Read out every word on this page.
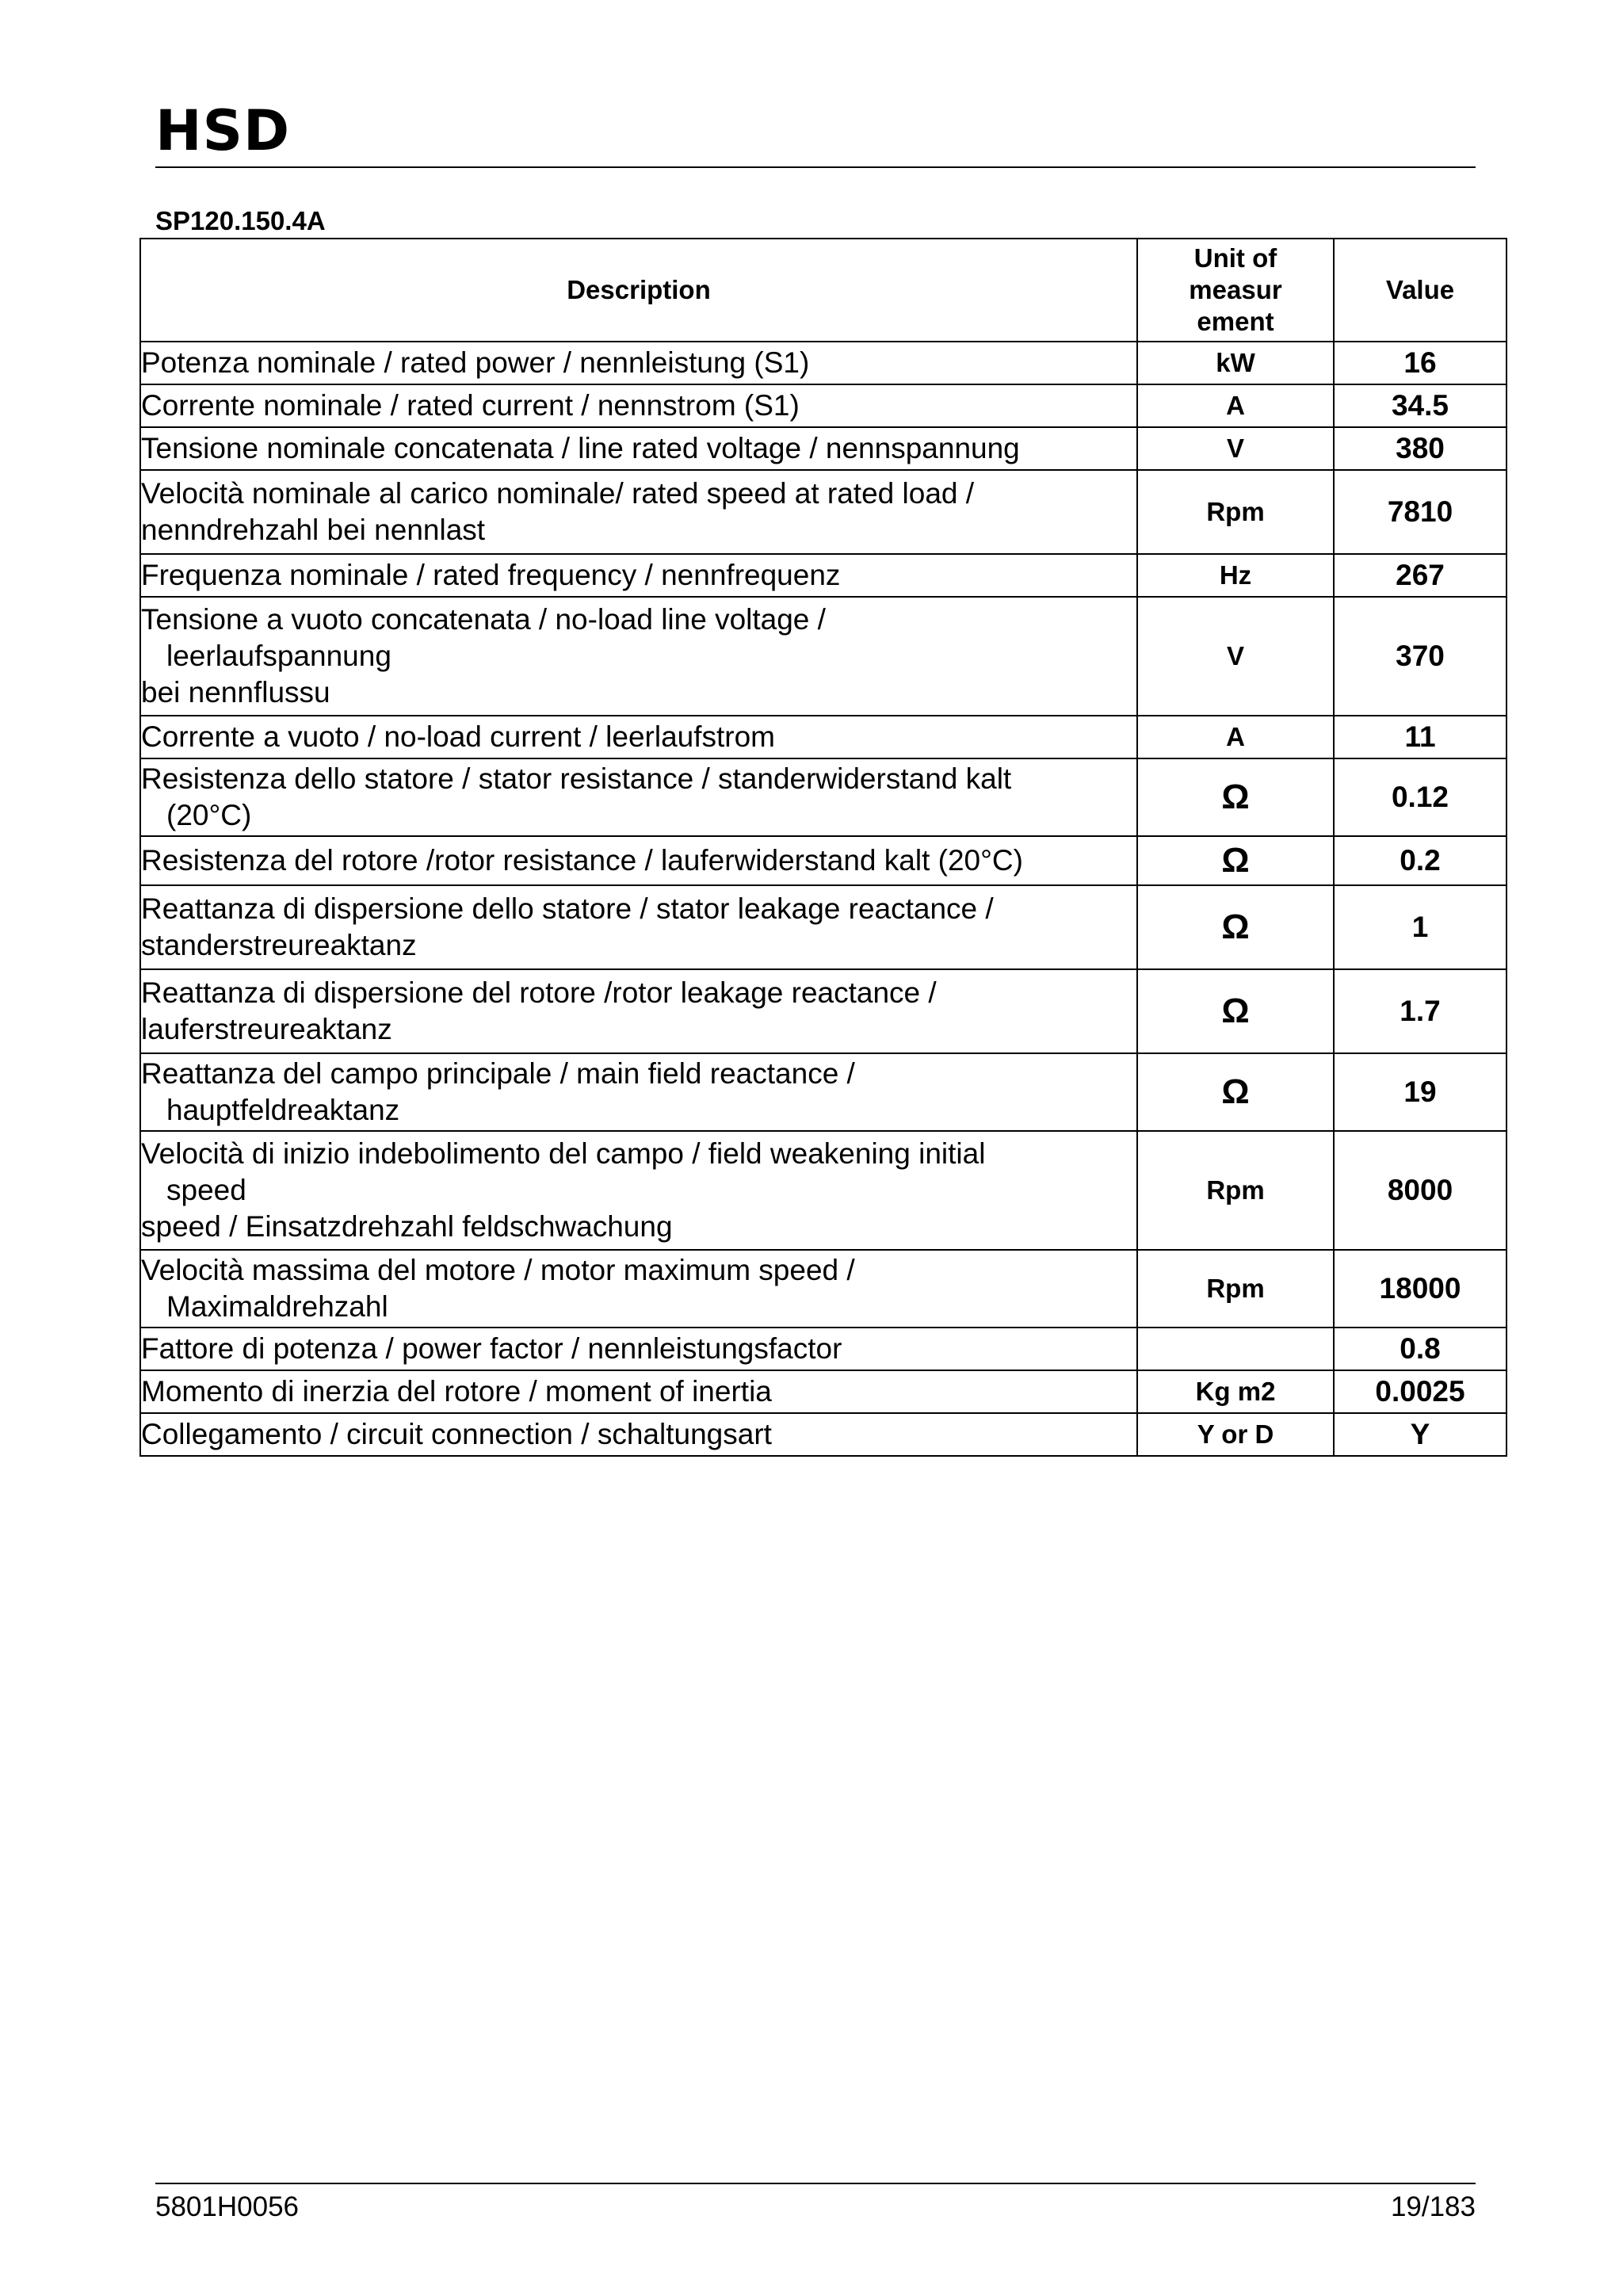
HSD
SP120.150.4A
Description	Unit of
measur
ement	Value

Potenza nominale / rated power / nennleistung (S1)	kW	16

Corrente nominale / rated current / nennstrom (S1)	A	34.5

Tensione nominale concatenata / line rated voltage / nennspannung	V	380

Velocità nominale al carico nominale/ rated speed at rated load /
nenndrehzahl bei nennlast	Rpm	7810

Frequenza nominale / rated frequency / nennfrequenz	Hz	267

Tensione a vuoto concatenata / no-load line voltage /
leerlaufspannung
bei nennflussu	V	370

Corrente a vuoto / no-load current / leerlaufstrom	A	11

Resistenza dello statore / stator resistance / standerwiderstand kalt
(20°C)	Ω	0.12

Resistenza del rotore /rotor resistance / lauferwiderstand kalt (20°C)	Ω	0.2

Reattanza di dispersione dello statore / stator leakage reactance /
standerstreureaktanz	Ω	1

Reattanza di dispersione del rotore /rotor leakage reactance /
lauferstreureaktanz	Ω	1.7

Reattanza del campo principale / main field reactance /
hauptfeldreaktanz	Ω	19

Velocità di inizio indebolimento del campo / field weakening initial
speed
speed / Einsatzdrehzahl feldschwachung	Rpm	8000

Velocità massima del motore / motor maximum speed /
Maximaldrehzahl	Rpm	18000

Fattore di potenza / power factor / nennleistungsfactor		0.8

Momento di inerzia del rotore / moment of inertia	Kg m2	0.0025

Collegamento / circuit connection / schaltungsart	Y or D	Y
5801H0056	19/183
